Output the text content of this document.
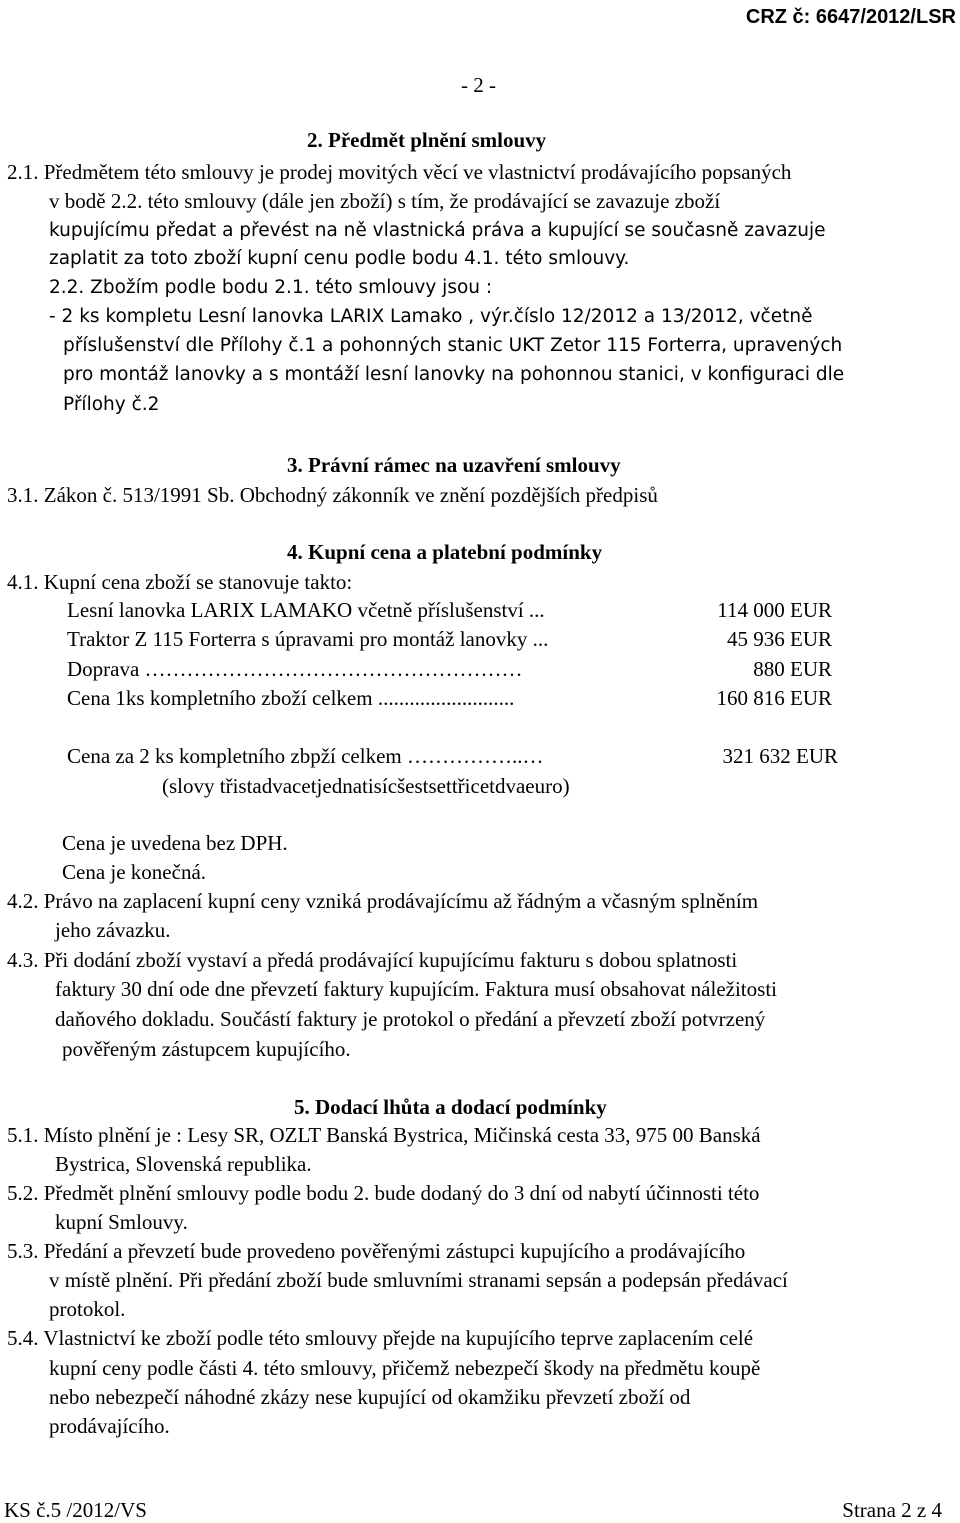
CRZ č: 6647/2012/LSR
- 2 -
2. Předmět plnění smlouvy
2.1. Předmětem této smlouvy je prodej movitých věcí ve vlastnictví prodávajícího popsaných
v bodě 2.2. této smlouvy (dále jen zboží) s tím, že prodávající se zavazuje zboží
kupujícímu předat a převést na ně vlastnická práva a kupující se současně zavazuje
zaplatit za toto zboží kupní cenu podle bodu 4.1. této smlouvy.
2.2. Zbožím podle bodu 2.1. této smlouvy jsou :
- 2 ks kompletu Lesní lanovka LARIX Lamako , výr.číslo 12/2012 a 13/2012, včetně
příslušenství dle Přílohy č.1 a pohonných stanic UKT Zetor 115 Forterra, upravených
pro montáž lanovky a s montáží lesní lanovky na pohonnou stanici, v konfiguraci dle
Přílohy č.2
3. Právní rámec na uzavření smlouvy
3.1. Zákon č. 513/1991 Sb. Obchodný zákonník ve znění pozdějších předpisů
4. Kupní cena a platební podmínky
4.1. Kupní cena zboží se stanovuje takto:
Lesní lanovka LARIX LAMAKO včetně příslušenství ...	114 000 EUR
Traktor Z 115 Forterra s úpravami pro montáž lanovky ...	45 936 EUR
Doprava ………………………………………………	880 EUR
Cena 1ks kompletního zboží celkem ..........................	160 816 EUR
Cena za 2 ks kompletního zbpží celkem ……………..…	321 632 EUR
(slovy třistadvacetjednatisícšestsettřicetdvaeuro)
Cena je uvedena bez DPH.
Cena je konečná.
4.2. Právo na zaplacení kupní ceny vzniká prodávajícímu až řádným a včasným splněním
jeho závazku.
4.3. Při dodání zboží vystaví a předá prodávající kupujícímu fakturu s dobou splatnosti
faktury 30 dní ode dne převzetí faktury kupujícím. Faktura musí obsahovat náležitosti
daňového dokladu. Součástí faktury je protokol o předání a převzetí zboží potvrzený
pověřeným zástupcem kupujícího.
5. Dodací lhůta a dodací podmínky
5.1. Místo plnění je : Lesy SR, OZLT Banská Bystrica, Mičinská cesta 33, 975 00 Banská
Bystrica, Slovenská republika.
5.2. Předmět plnění smlouvy podle bodu 2. bude dodaný do 3 dní od nabytí účinnosti této
kupní Smlouvy.
5.3. Předání a převzetí bude provedeno pověřenými zástupci kupujícího a prodávajícího
v místě plnění. Při předání zboží bude smluvními stranami sepsán a podepsán předávací
protokol.
5.4. Vlastnictví ke zboží podle této smlouvy přejde na kupujícího teprve zaplacením celé
kupní ceny podle části 4. této smlouvy, přičemž nebezpečí škody na předmětu koupě
nebo nebezpečí náhodné zkázy nese kupující od okamžiku převzetí zboží od
prodávajícího.
KS č.5 /2012/VS	Strana 2 z 4
